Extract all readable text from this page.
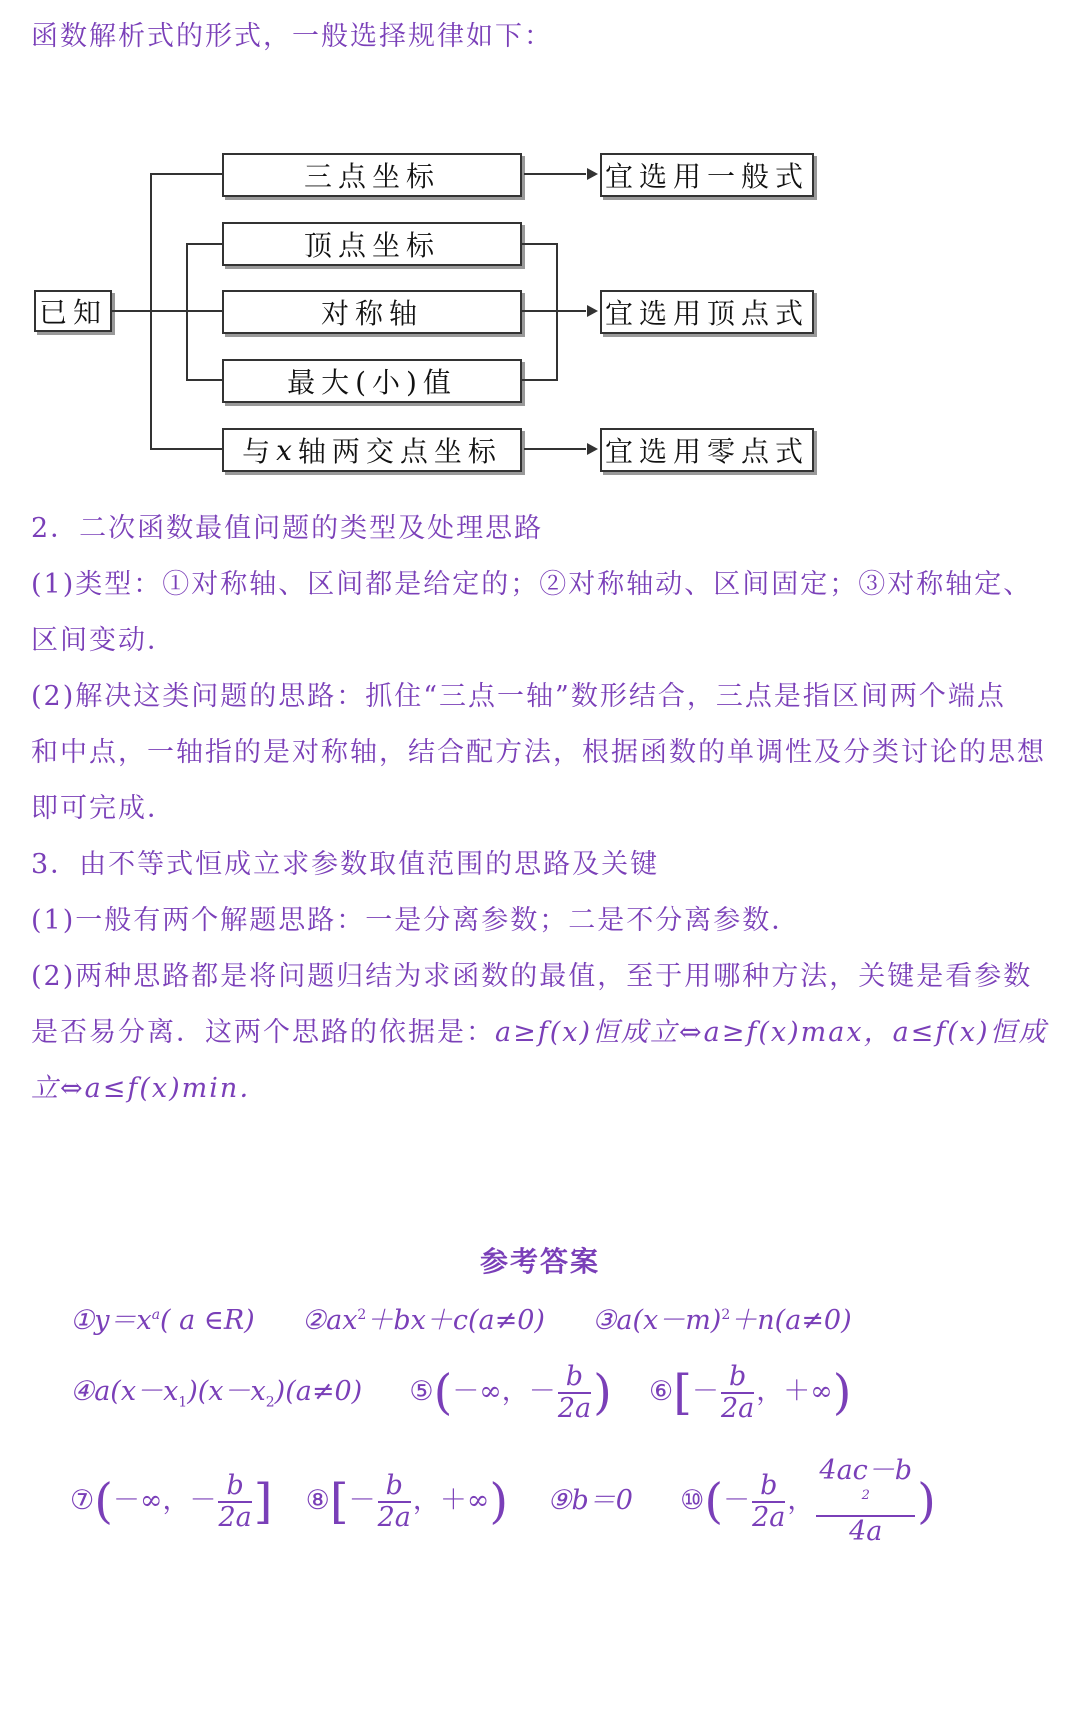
函数解析式的形式，一般选择规律如下：
已知
三点坐标
顶点坐标
对称轴
最大(小)值
与 x 轴两交点坐标
宜选用一般式
宜选用顶点式
宜选用零点式
2．二次函数最值问题的类型及处理思路
(1)类型：①对称轴、区间都是给定的；②对称轴动、区间固定；③对称轴定、
区间变动．
(2)解决这类问题的思路：抓住“三点一轴”数形结合，三点是指区间两个端点
和中点，一轴指的是对称轴，结合配方法，根据函数的单调性及分类讨论的思想
即可完成．
3．由不等式恒成立求参数取值范围的思路及关键
(1)一般有两个解题思路：一是分离参数；二是不分离参数．
(2)两种思路都是将问题归结为求函数的最值，至于用哪种方法，关键是看参数
是否易分离．这两个思路的依据是：a≥f(x)恒成立⇔a≥f(x)max，a≤f(x)恒成
立⇔a≤f(x)min．
参考答案
$①y=x^a$( a ∈R) $②ax^2+bx+c(a\ne 0)$ $③a(x-m)^2+n(a\ne 0)$
$④a(x-x_1)(x-x_2)(a\ne 0)$ ⑤(－∞，－ $\frac{b}{2a}$ ) ⑥[－ $\frac{b}{2a}$ ，＋∞)
⑦(－∞，－ $\frac{b}{2a}$ ] ⑧[－ $\frac{b}{2a}$ ，＋∞) ⑨b＝0 ⑩(－ $\frac{b}{2a}$ ， 4ac－b
$^2$
4a )
